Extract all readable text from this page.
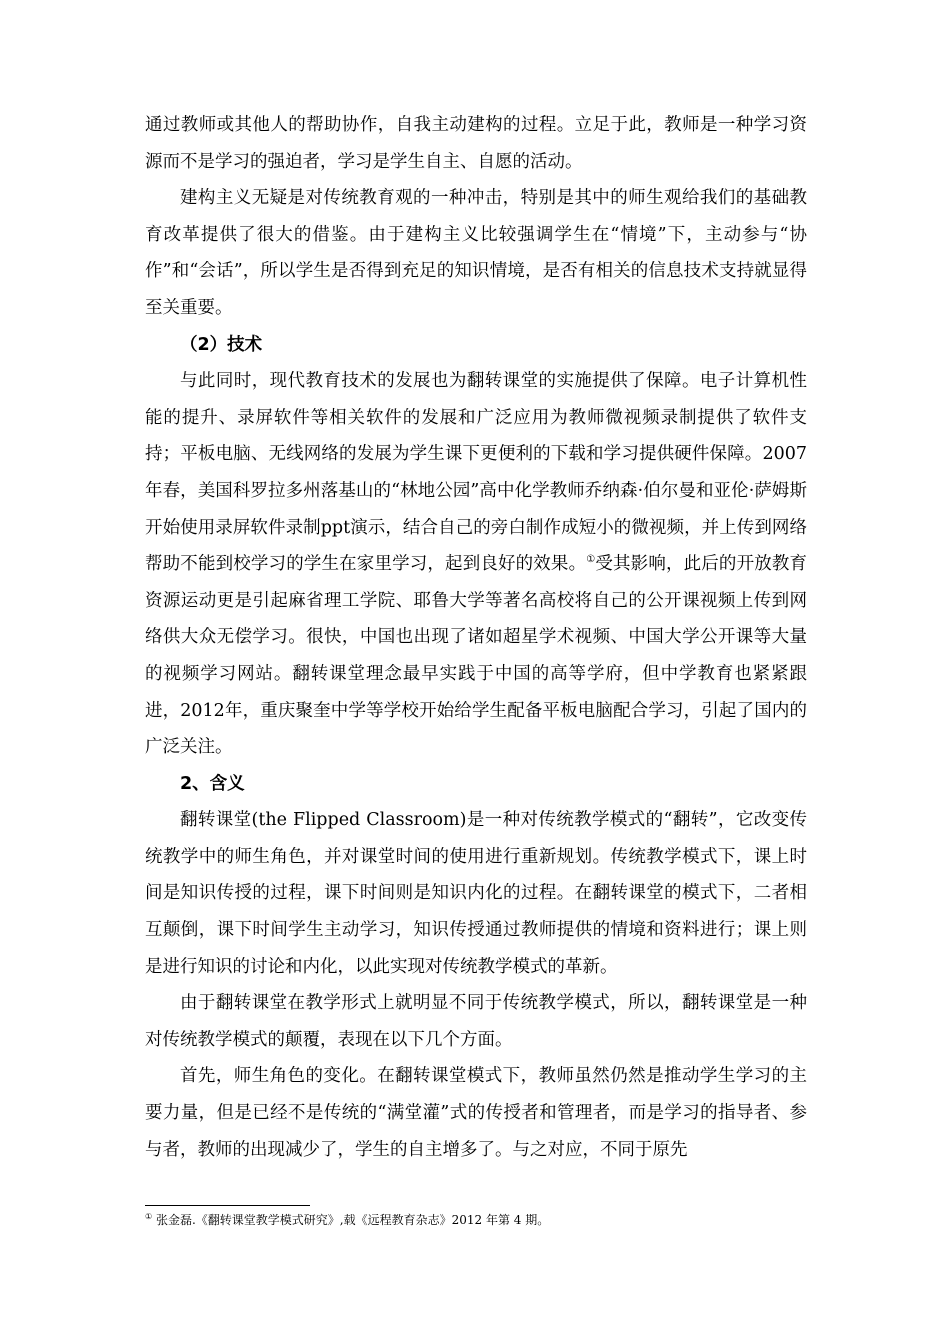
通过教师或其他人的帮助协作，自我主动建构的过程。立足于此，教师是一种学习资源而不是学习的强迫者，学习是学生自主、自愿的活动。

建构主义无疑是对传统教育观的一种冲击，特别是其中的师生观给我们的基础教育改革提供了很大的借鉴。由于建构主义比较强调学生在“情境”下，主动参与“协作”和“会话”，所以学生是否得到充足的知识情境，是否有相关的信息技术支持就显得至关重要。

（2）技术

与此同时，现代教育技术的发展也为翻转课堂的实施提供了保障。电子计算机性能的提升、录屏软件等相关软件的发展和广泛应用为教师微视频录制提供了软件支持；平板电脑、无线网络的发展为学生课下更便利的下载和学习提供硬件保障。2007年春，美国科罗拉多州落基山的“林地公园”高中化学教师乔纳森·伯尔曼和亚伦·萨姆斯开始使用录屏软件录制ppt演示，结合自己的旁白制作成短小的微视频，并上传到网络帮助不能到校学习的学生在家里学习，起到良好的效果。①受其影响，此后的开放教育资源运动更是引起麻省理工学院、耶鲁大学等著名高校将自己的公开课视频上传到网络供大众无偿学习。很快，中国也出现了诸如超星学术视频、中国大学公开课等大量的视频学习网站。翻转课堂理念最早实践于中国的高等学府，但中学教育也紧紧跟进，2012年，重庆聚奎中学等学校开始给学生配备平板电脑配合学习，引起了国内的广泛关注。

2、含义

翻转课堂(the Flipped Classroom)是一种对传统教学模式的“翻转”，它改变传统教学中的师生角色，并对课堂时间的使用进行重新规划。传统教学模式下，课上时间是知识传授的过程，课下时间则是知识内化的过程。在翻转课堂的模式下，二者相互颠倒，课下时间学生主动学习，知识传授通过教师提供的情境和资料进行；课上则是进行知识的讨论和内化，以此实现对传统教学模式的革新。

由于翻转课堂在教学形式上就明显不同于传统教学模式，所以，翻转课堂是一种对传统教学模式的颠覆，表现在以下几个方面。

首先，师生角色的变化。在翻转课堂模式下，教师虽然仍然是推动学生学习的主要力量，但是已经不是传统的“满堂灌”式的传授者和管理者，而是学习的指导者、参与者，教师的出现减少了，学生的自主增多了。与之对应，不同于原先

① 张金磊.《翻转课堂教学模式研究》,载《远程教育杂志》2012 年第 4 期。
